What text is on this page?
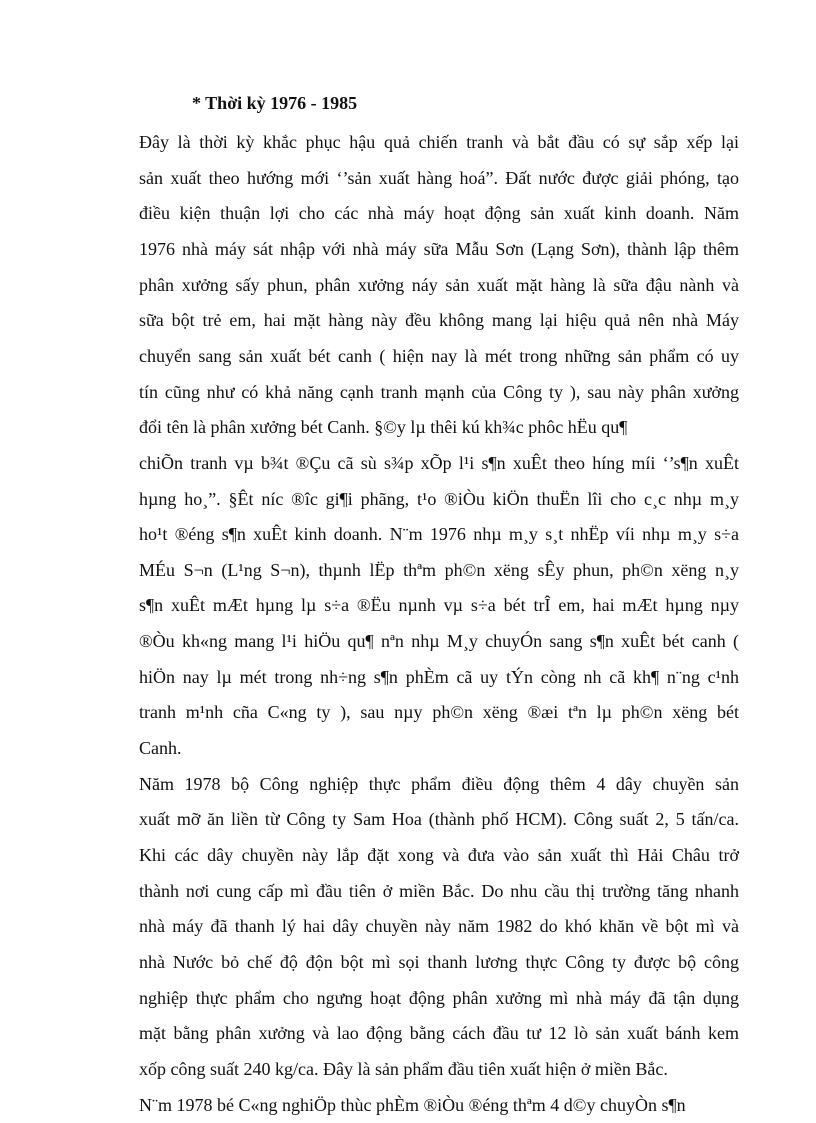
* Thời kỳ 1976 - 1985
Đây là thời kỳ khắc phục hậu quả chiến tranh và bắt đầu có sự sắp xếp lại
sản xuất theo hướng mới ‘’sản xuất hàng hoá”. Đất nước được giải phóng, tạo
điều kiện thuận lợi cho các nhà máy hoạt động sản xuất kinh doanh. Năm
1976 nhà máy sát nhập với nhà máy sữa Mẫu Sơn (Lạng Sơn), thành lập thêm
phân xưởng sấy phun, phân xưởng náy sản xuất mặt hàng là sữa đậu nành và
sữa bột trẻ em, hai mặt hàng này đều không mang lại hiệu quả nên nhà Máy
chuyển sang sản xuất bét canh ( hiện nay là mét trong những sản phẩm có uy
tín cũng như có khả năng cạnh tranh mạnh của Công ty ), sau này phân xưởng
đổi tên là phân xưởng bét Canh. §©y lµ thêi kú kh¾c phôc hËu qu¶
chiÕn tranh vµ b¾t ®Çu cã sù s¾p xÕp l¹i s¶n xuÊt theo híng míi ‘’s¶n xuÊt
hµng ho¸”. §Êt níc ®îc gi¶i phãng, t¹o ®iÒu kiÖn thuËn lîi cho c¸c nhµ m¸y
ho¹t ®éng s¶n xuÊt kinh doanh. N¨m 1976 nhµ m¸y s¸t nhËp víi nhµ m¸y s÷a
MÉu S¬n (L¹ng S¬n), thµnh lËp thªm ph©n xëng sÊy phun, ph©n xëng n¸y
s¶n xuÊt mÆt hµng lµ s÷a ®Ëu nµnh vµ s÷a bét trÎ em, hai mÆt hµng nµy
®Òu kh«ng mang l¹i hiÖu qu¶ nªn nhµ M¸y chuyÓn sang s¶n xuÊt bét canh (
hiÖn nay lµ mét trong nh÷ng s¶n phÈm cã uy tÝn còng nh cã kh¶ n¨ng c¹nh
tranh m¹nh cña C«ng ty ), sau nµy ph©n xëng ®æi tªn lµ ph©n xëng bét
Canh.
Năm 1978 bộ Công nghiệp thực phẩm điều động thêm 4 dây chuyền sản
xuất mỡ ăn liền từ Công ty Sam Hoa (thành phố HCM). Công suất 2, 5 tấn/ca.
Khi các dây chuyền này lắp đặt xong và đưa vào sản xuất thì Hải Châu trở
thành nơi cung cấp mì đầu tiên ở miền Bắc. Do nhu cầu thị trường tăng nhanh
nhà máy đã thanh lý hai dây chuyền này năm 1982 do khó khăn về bột mì và
nhà Nước bỏ chế độ độn bột mì sọi thanh lương thực Công ty được bộ công
nghiệp thực phẩm cho ngưng hoạt động phân xưởng mì nhà máy đã tận dụng
mặt bằng phân xưởng và lao động bằng cách đầu tư 12 lò sản xuất bánh kem
xốp công suất 240 kg/ca. Đây là sản phẩm đầu tiên xuất hiện ở miền Bắc.
N¨m 1978 bé C«ng nghiÖp thùc phÈm ®iÒu ®éng thªm 4 d©y chuyÒn s¶n
